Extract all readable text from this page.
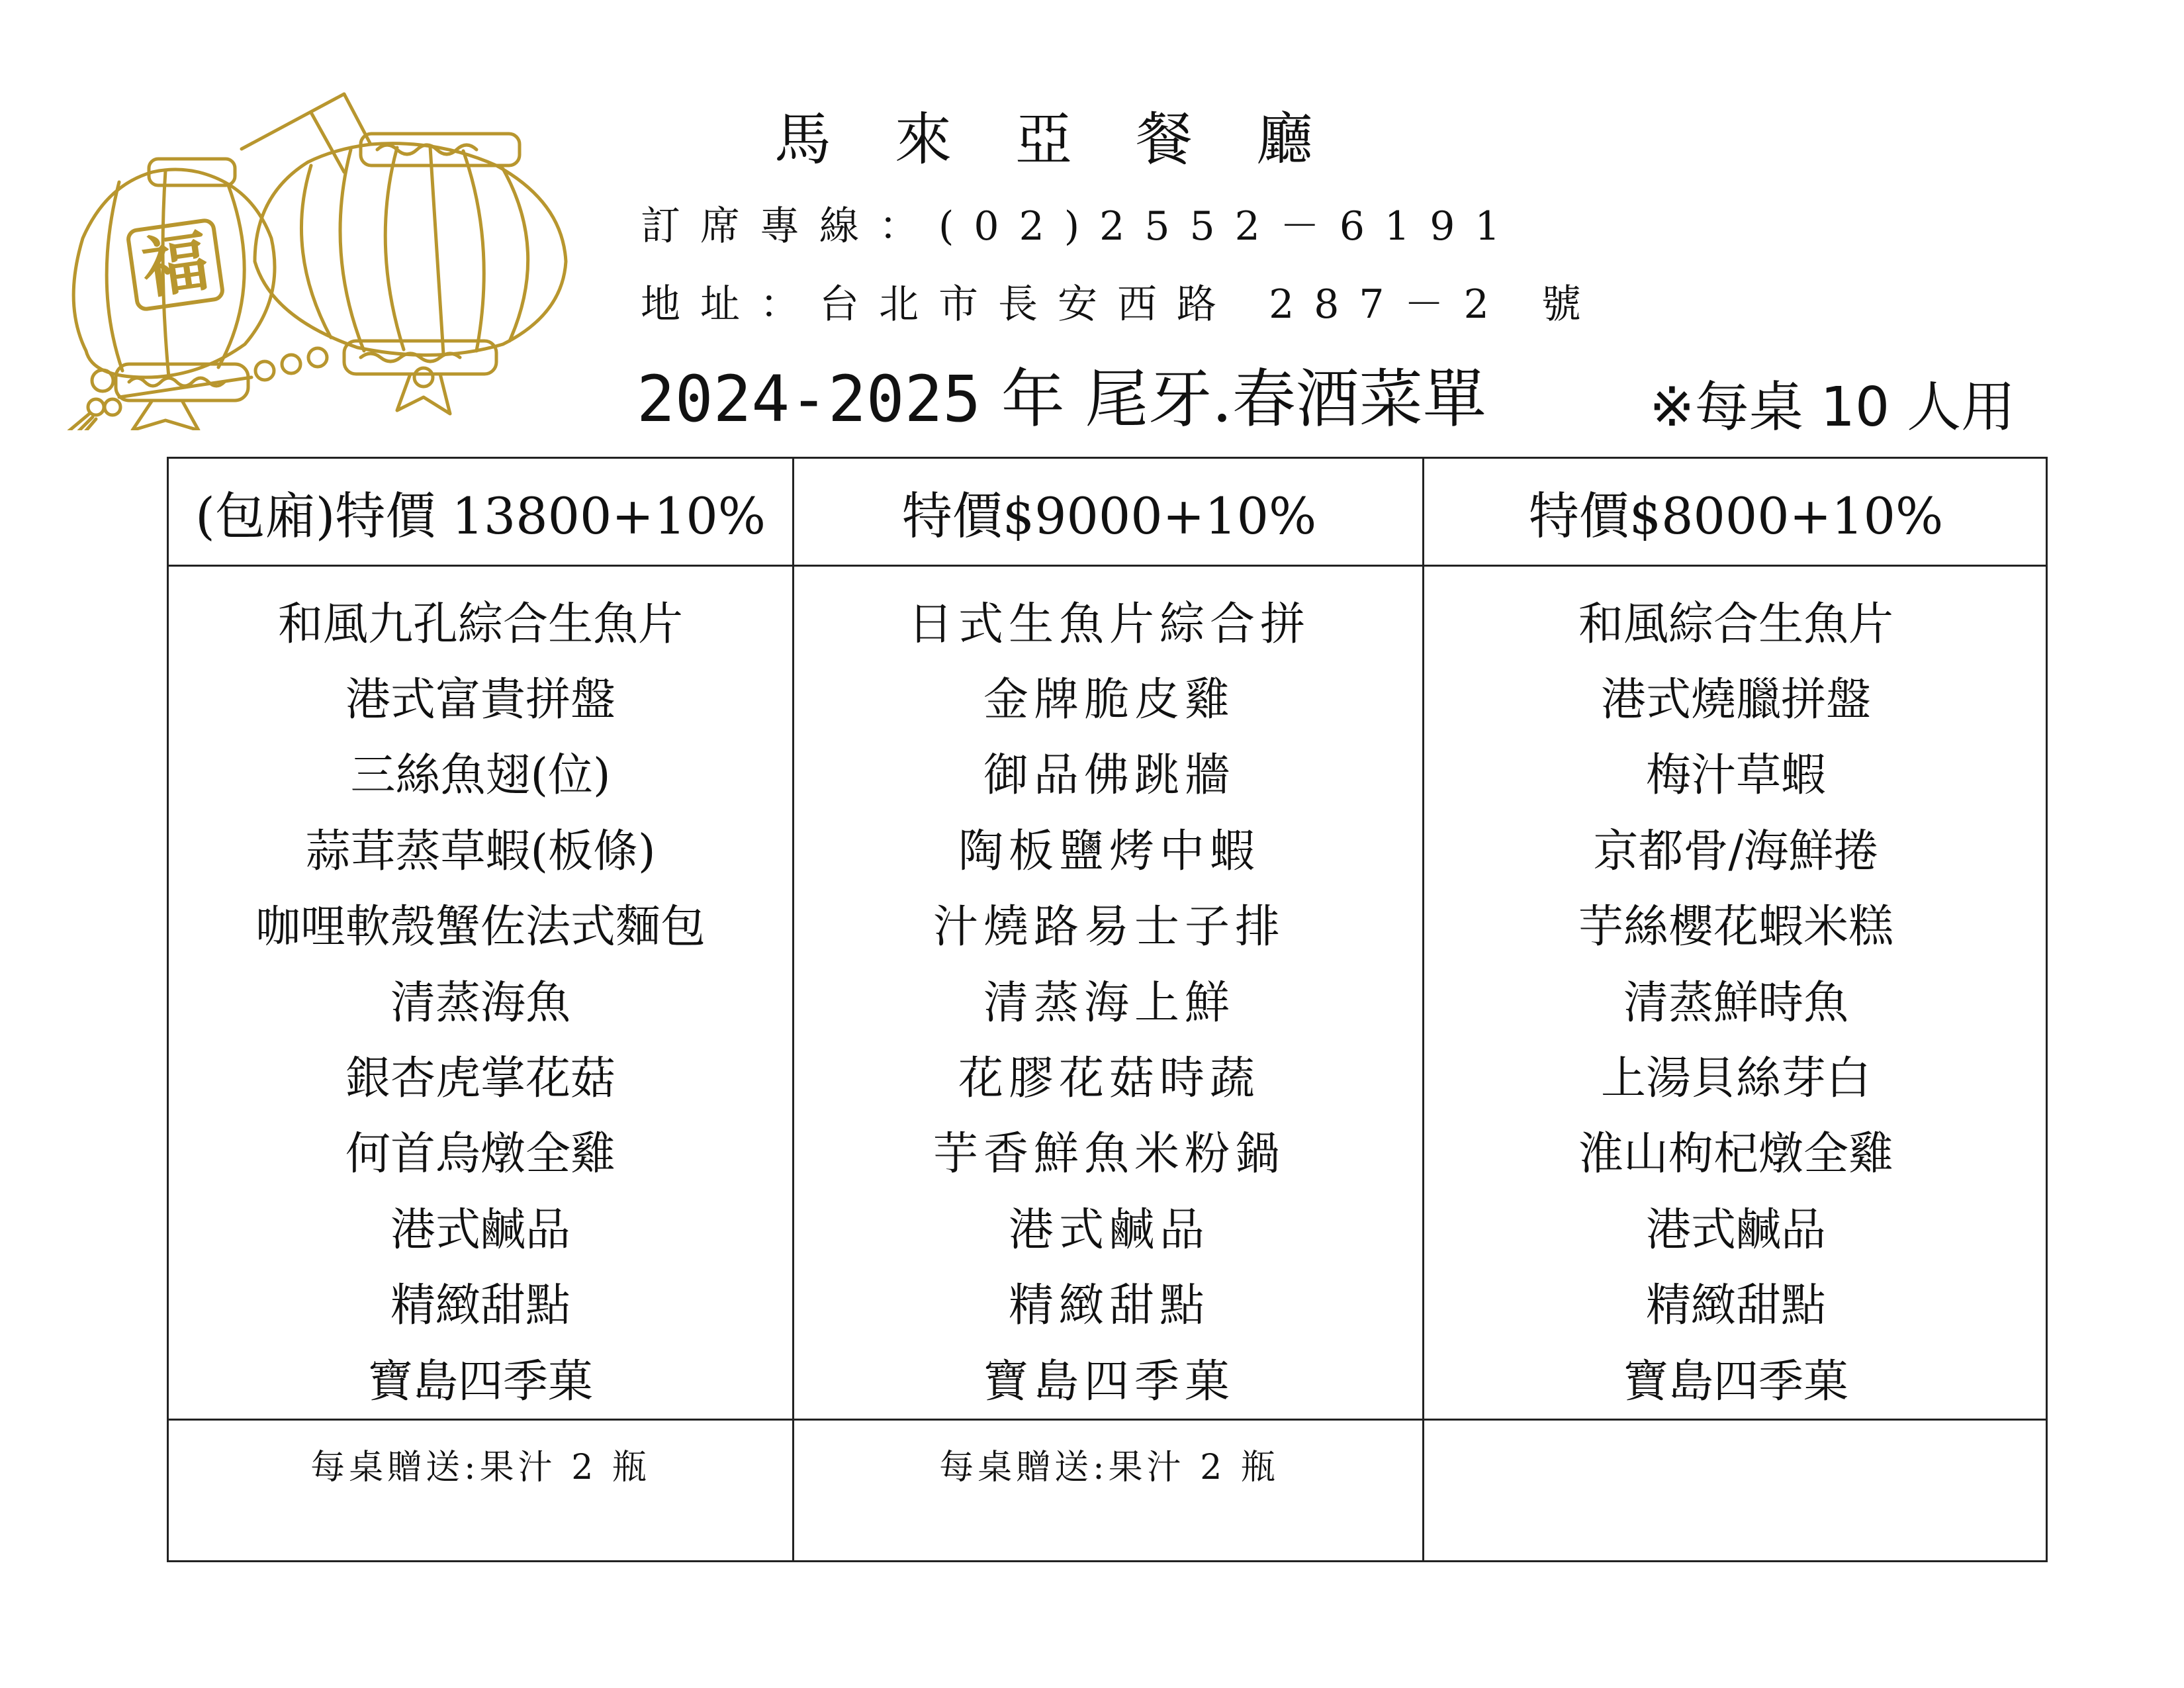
福
馬來亞餐廳
訂席專線：(02)2552－6191
地址：台北市長安西路 287－2 號
2024-2025 年 尾牙.春酒菜單	※每桌 10 人用
(包廂)特價 13800+10%
和風九孔綜合生魚片
港式富貴拼盤
三絲魚翅(位)
蒜茸蒸草蝦(板條)
咖哩軟殼蟹佐法式麵包
清蒸海魚
銀杏虎掌花菇
何首烏燉全雞
港式鹹品
精緻甜點
寶島四季菓
每桌贈送:果汁 2 瓶
特價$9000+10%
日式生魚片綜合拼
金牌脆皮雞
御品佛跳牆
陶板鹽烤中蝦
汁燒路易士子排
清蒸海上鮮
花膠花菇時蔬
芋香鮮魚米粉鍋
港式鹹品
精緻甜點
寶島四季菓
每桌贈送:果汁 2 瓶
特價$8000+10%
和風綜合生魚片
港式燒臘拼盤
梅汁草蝦
京都骨/海鮮捲
芋絲櫻花蝦米糕
清蒸鮮時魚
上湯貝絲芽白
淮山枸杞燉全雞
港式鹹品
精緻甜點
寶島四季菓
